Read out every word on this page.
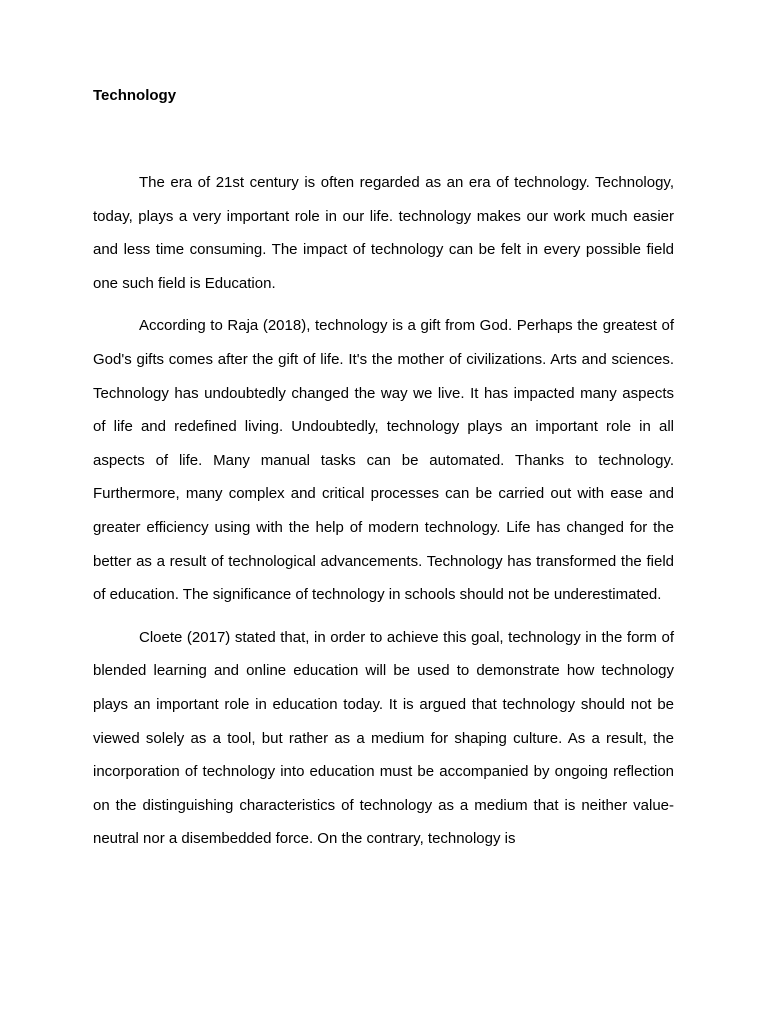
Technology

The era of 21st century is often regarded as an era of technology. Technology, today, plays a very important role in our life. technology makes our work much easier and less time consuming. The impact of technology can be felt in every possible field one such field is Education.

According to Raja (2018), technology is a gift from God. Perhaps the greatest of God's gifts comes after the gift of life. It's the mother of civilizations. Arts and sciences. Technology has undoubtedly changed the way we live. It has impacted many aspects of life and redefined living. Undoubtedly, technology plays an important role in all aspects of life. Many manual tasks can be automated. Thanks to technology. Furthermore, many complex and critical processes can be carried out with ease and greater efficiency using with the help of modern technology. Life has changed for the better as a result of technological advancements. Technology has transformed the field of education. The significance of technology in schools should not be underestimated.

Cloete (2017) stated that, in order to achieve this goal, technology in the form of blended learning and online education will be used to demonstrate how technology plays an important role in education today. It is argued that technology should not be viewed solely as a tool, but rather as a medium for shaping culture. As a result, the incorporation of technology into education must be accompanied by ongoing reflection on the distinguishing characteristics of technology as a medium that is neither value-neutral nor a disembedded force. On the contrary, technology is
